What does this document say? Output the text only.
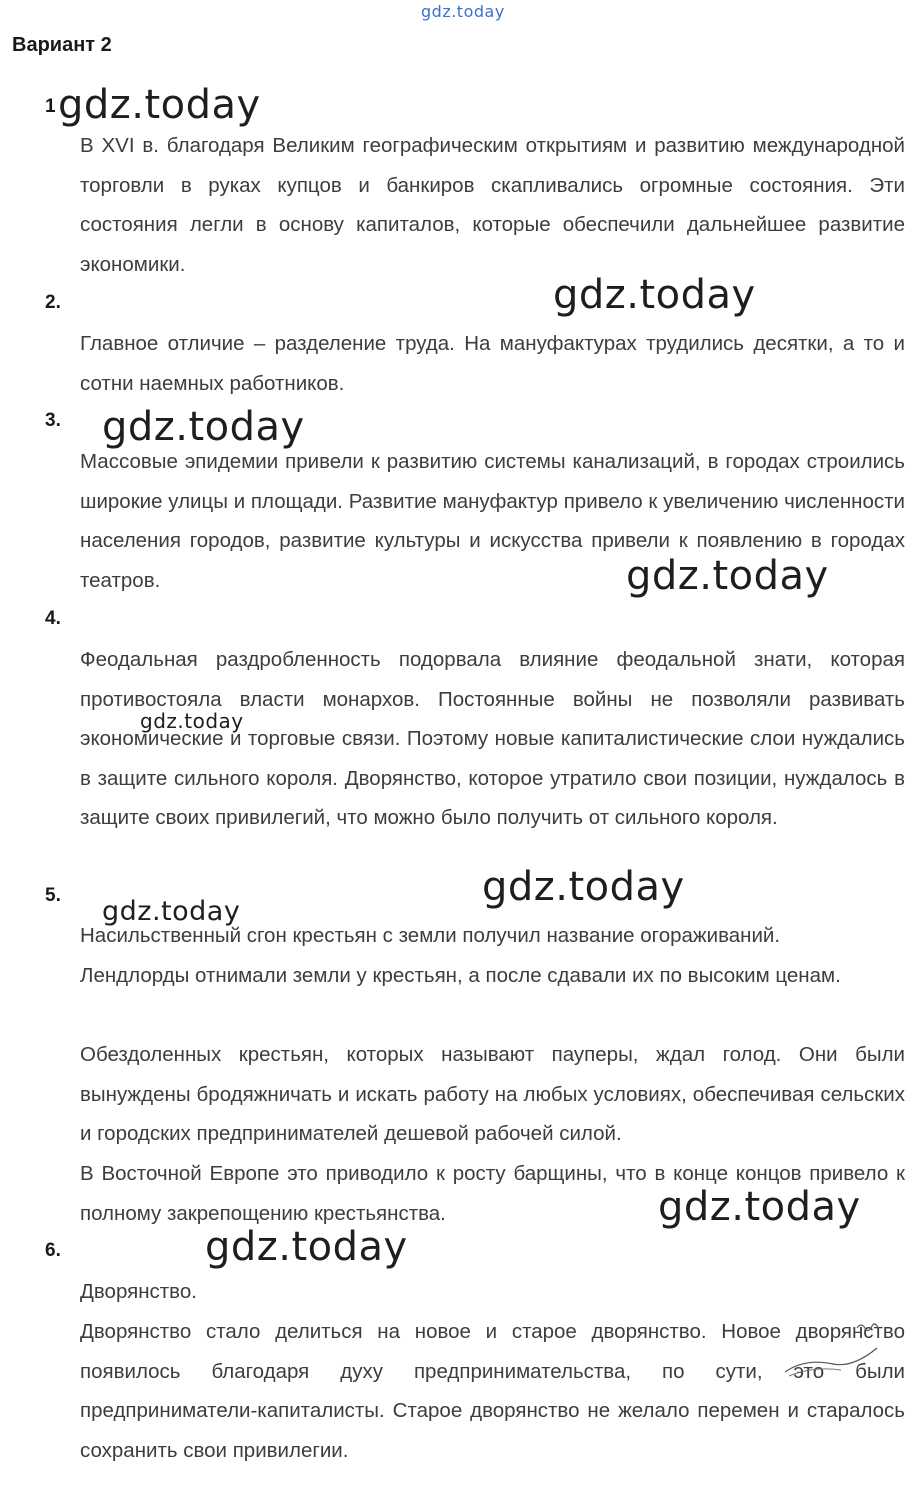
gdz.today
Вариант 2
1

В XVI в. благодаря Великим географическим открытиям и развитию международной торговли в руках купцов и банкиров скапливались огромные состояния. Эти состояния легли в основу капиталов, которые обеспечили дальнейшее развитие экономики.

2.

Главное отличие – разделение труда. На мануфактурах трудились десятки, а то и сотни наемных работников.

3.

Массовые эпидемии привели к развитию системы канализаций, в городах строились широкие улицы и площади. Развитие мануфактур привело к увеличению численности населения городов, развитие культуры и искусства привели к появлению в городах театров.

4.

Феодальная раздробленность подорвала влияние феодальной знати, которая противостояла власти монархов. Постоянные войны не позволяли развивать экономические и торговые связи. Поэтому новые капиталистические слои нуждались в защите сильного короля. Дворянство, которое утратило свои позиции, нуждалось в защите своих привилегий, что можно было получить от сильного короля.

5.

Насильственный сгон крестьян с земли получил название огораживаний.

Лендлорды отнимали земли у крестьян, а после сдавали их по высоким ценам.

Обездоленных крестьян, которых называют пауперы, ждал голод. Они были вынуждены бродяжничать и искать работу на любых условиях, обеспечивая сельских и городских предпринимателей дешевой рабочей силой.

В Восточной Европе это приводило к росту барщины, что в конце концов привело к полному закрепощению крестьянства.

6.

Дворянство.

Дворянство стало делиться на новое и старое дворянство. Новое дворянство появилось благодаря духу предпринимательства, по сути, это были предприниматели-капиталисты. Старое дворянство не желало перемен и старалось сохранить свои привилегии.

gdz.today
gdz.today
gdz.today
gdz.today
gdz.today
gdz.today
gdz.today
gdz.today
gdz.today
